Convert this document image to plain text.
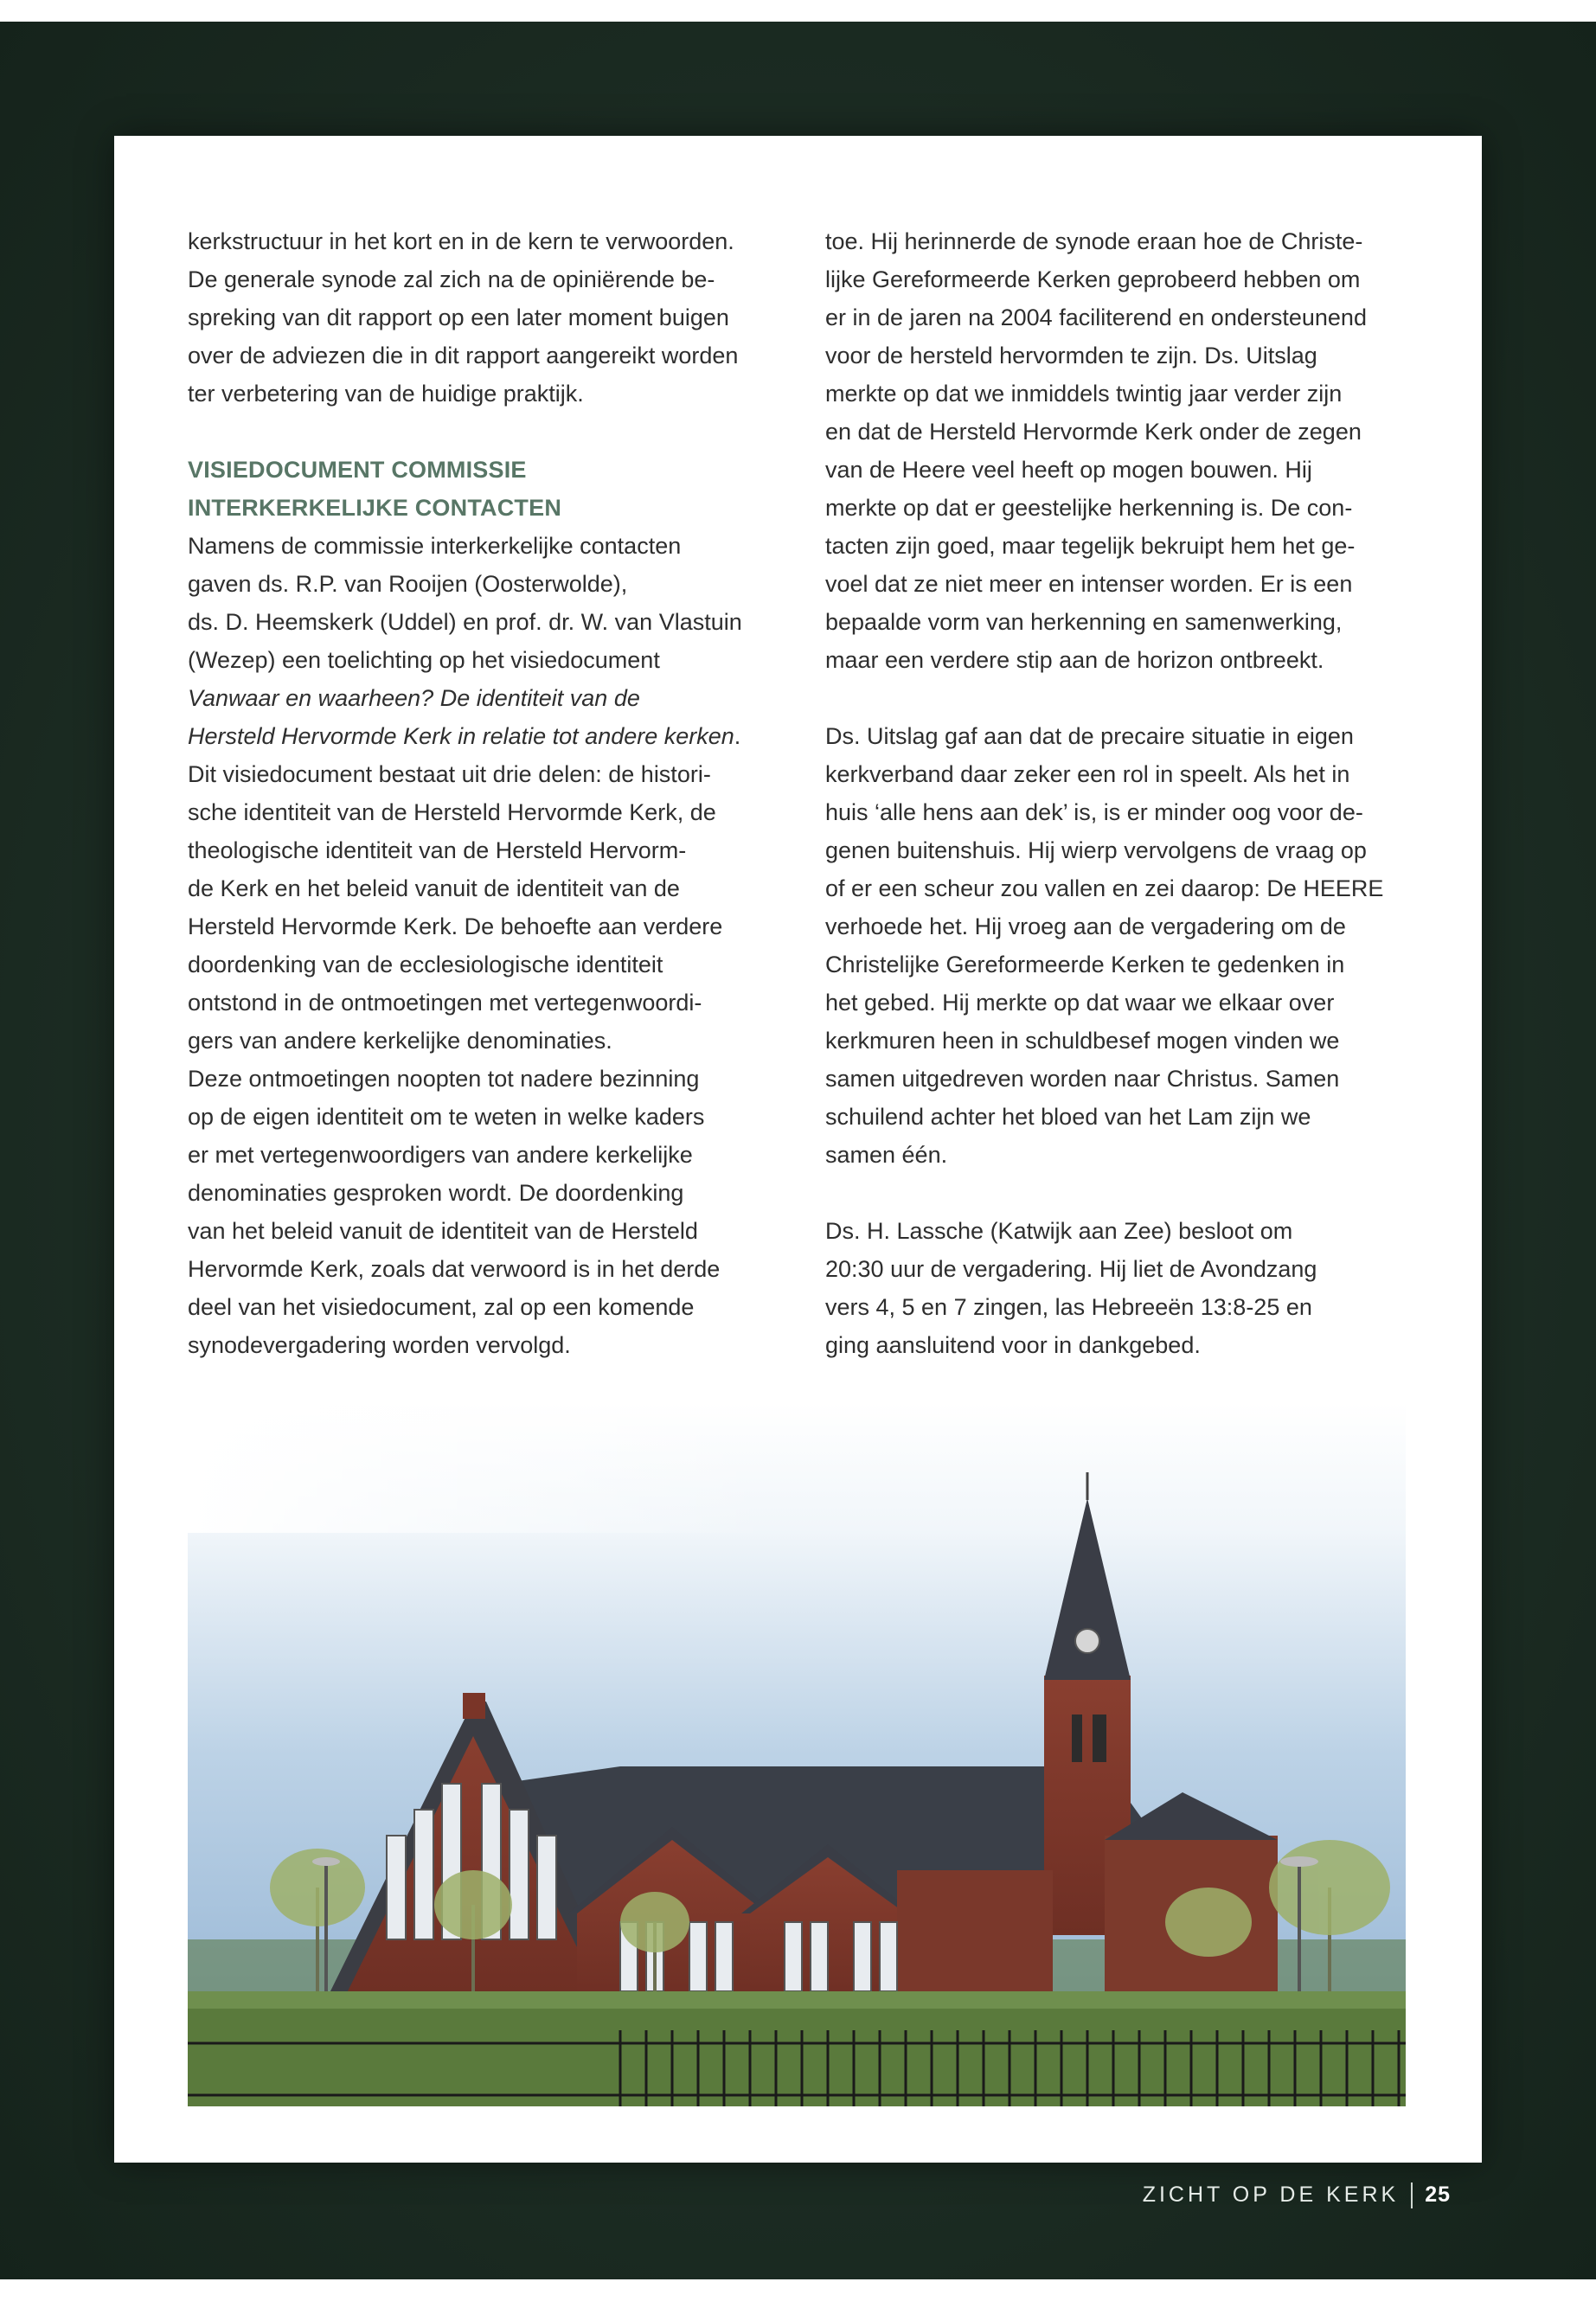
kerkstructuur in het kort en in de kern te verwoorden.
De generale synode zal zich na de opiniërende be-
spreking van dit rapport op een later moment buigen
over de adviezen die in dit rapport aangereikt worden
ter verbetering van de huidige praktijk.

VISIEDOCUMENT COMMISSIE
INTERKERKELIJKE CONTACTEN

Namens de commissie interkerkelijke contacten
gaven ds. R.P. van Rooijen (Oosterwolde),
ds. D. Heemskerk (Uddel) en prof. dr. W. van Vlastuin
(Wezep) een toelichting op het visiedocument
Vanwaar en waarheen? De identiteit van de
Hersteld Hervormde Kerk in relatie tot andere kerken.
Dit visiedocument bestaat uit drie delen: de histori-
sche identiteit van de Hersteld Hervormde Kerk, de
theologische identiteit van de Hersteld Hervorm-
de Kerk en het beleid vanuit de identiteit van de
Hersteld Hervormde Kerk. De behoefte aan verdere
doordenking van de ecclesiologische identiteit
ontstond in de ontmoetingen met vertegenwoordi-
gers van andere kerkelijke denominaties.
Deze ontmoetingen noopten tot nadere bezinning
op de eigen identiteit om te weten in welke kaders
er met vertegenwoordigers van andere kerkelijke
denominaties gesproken wordt. De doordenking
van het beleid vanuit de identiteit van de Hersteld
Hervormde Kerk, zoals dat verwoord is in het derde
deel van het visiedocument, zal op een komende
synodevergadering worden vervolgd.

toe. Hij herinnerde de synode eraan hoe de Christe-
lijke Gereformeerde Kerken geprobeerd hebben om
er in de jaren na 2004 faciliterend en ondersteunend
voor de hersteld hervormden te zijn. Ds. Uitslag
merkte op dat we inmiddels twintig jaar verder zijn
en dat de Hersteld Hervormde Kerk onder de zegen
van de Heere veel heeft op mogen bouwen. Hij
merkte op dat er geestelijke herkenning is. De con-
tacten zijn goed, maar tegelijk bekruipt hem het ge-
voel dat ze niet meer en intenser worden. Er is een
bepaalde vorm van herkenning en samenwerking,
maar een verdere stip aan de horizon ontbreekt.

Ds. Uitslag gaf aan dat de precaire situatie in eigen
kerkverband daar zeker een rol in speelt. Als het in
huis ‘alle hens aan dek’ is, is er minder oog voor de-
genen buitenshuis. Hij wierp vervolgens de vraag op
of er een scheur zou vallen en zei daarop: De HEERE
verhoede het. Hij vroeg aan de vergadering om de
Christelijke Gereformeerde Kerken te gedenken in
het gebed. Hij merkte op dat waar we elkaar over
kerkmuren heen in schuldbesef mogen vinden we
samen uitgedreven worden naar Christus. Samen
schuilend achter het bloed van het Lam zijn we
samen één.

Ds. H. Lassche (Katwijk aan Zee) besloot om
20:30 uur de vergadering. Hij liet de Avondzang
vers 4, 5 en 7 zingen, las Hebreeën 13:8-25 en
ging aansluitend voor in dankgebed.

ZICHT OP DE KERK 25
